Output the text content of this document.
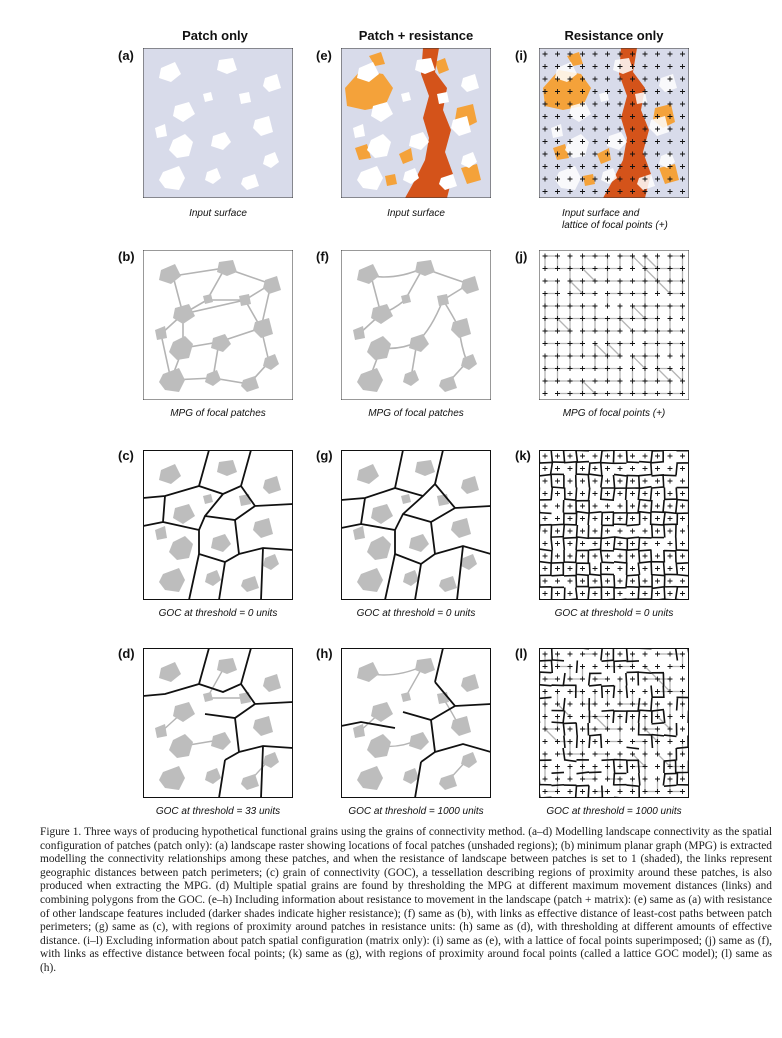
Patch only	Patch + resistance	Resistance only
(a)
(b)
(c)
(d)
(e)
(f)
(g)
(h)
(i)
(j)
(k)
(l)
Input surface
MPG of focal patches
GOC at threshold = 0 units
GOC at threshold = 33 units
Input surface
MPG of focal patches
GOC at threshold = 0 units
GOC at threshold = 1000 units
Input surface and
lattice of focal points (+)
MPG of focal points (+)
GOC at threshold = 0 units
GOC at threshold = 1000 units
Figure 1. Three ways of producing hypothetical functional grains using the grains of connectivity method. (a–d) Modelling landscape connectivity as the spatial configuration of patches (patch only): (a) landscape raster showing locations of focal patches (unshaded regions); (b) minimum planar graph (MPG) is extracted modelling the connectivity relationships among these patches, and when the resistance of landscape between patches is set to 1 (shaded), the links represent geographic distances between patch perimeters; (c) grain of connectivity (GOC), a tessellation describing regions of proximity around these patches, is also produced when extracting the MPG. (d) Multiple spatial grains are found by thresholding the MPG at different maximum movement distances (links) and combining polygons from the GOC. (e–h) Including information about resistance to movement in the landscape (patch + matrix): (e) same as (a) with resistance of other landscape features included (darker shades indicate higher resistance); (f) same as (b), with links as effective distance of least-cost paths between patch perimeters; (g) same as (c), with regions of proximity around patches in resistance units: (h) same as (d), with thresholding at different amounts of effective distance. (i–l) Excluding information about patch spatial configuration (matrix only): (i) same as (e), with a lattice of focal points superimposed; (j) same as (f), with links as effective distance between focal points; (k) same as (g), with regions of proximity around focal points (called a lattice GOC model); (l) same as (h).
